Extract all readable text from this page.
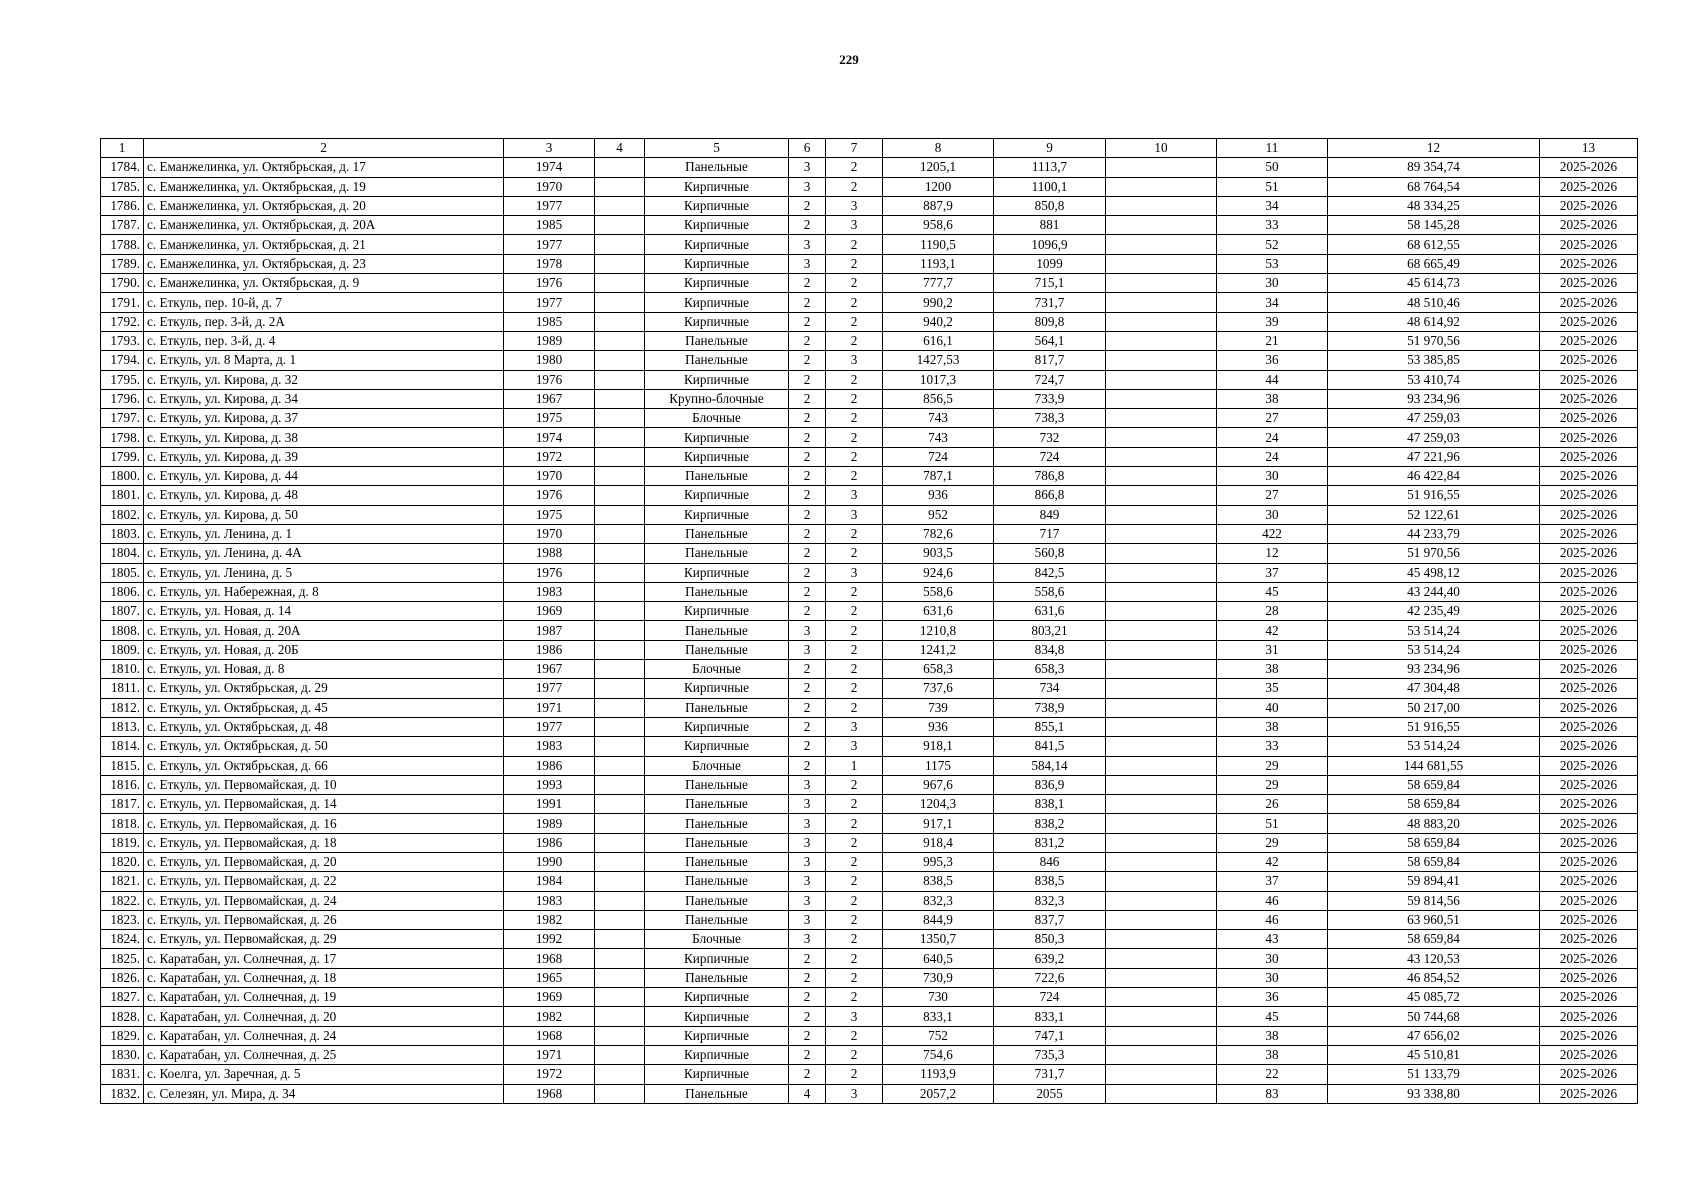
229
1	2	3	4	5	6	7	8	9	10	11	12	13
1784.	с. Еманжелинка, ул. Октябрьская, д. 17	1974		Панельные	3	2	1205,1	1113,7		50	89 354,74	2025-2026
1785.	с. Еманжелинка, ул. Октябрьская, д. 19	1970		Кирпичные	3	2	1200	1100,1		51	68 764,54	2025-2026
1786.	с. Еманжелинка, ул. Октябрьская, д. 20	1977		Кирпичные	2	3	887,9	850,8		34	48 334,25	2025-2026
1787.	с. Еманжелинка, ул. Октябрьская, д. 20А	1985		Кирпичные	2	3	958,6	881		33	58 145,28	2025-2026
1788.	с. Еманжелинка, ул. Октябрьская, д. 21	1977		Кирпичные	3	2	1190,5	1096,9		52	68 612,55	2025-2026
1789.	с. Еманжелинка, ул. Октябрьская, д. 23	1978		Кирпичные	3	2	1193,1	1099		53	68 665,49	2025-2026
1790.	с. Еманжелинка, ул. Октябрьская, д. 9	1976		Кирпичные	2	2	777,7	715,1		30	45 614,73	2025-2026
1791.	с. Еткуль, пер. 10-й, д. 7	1977		Кирпичные	2	2	990,2	731,7		34	48 510,46	2025-2026
1792.	с. Еткуль, пер. 3-й, д. 2А	1985		Кирпичные	2	2	940,2	809,8		39	48 614,92	2025-2026
1793.	с. Еткуль, пер. 3-й, д. 4	1989		Панельные	2	2	616,1	564,1		21	51 970,56	2025-2026
1794.	с. Еткуль, ул. 8 Марта, д. 1	1980		Панельные	2	3	1427,53	817,7		36	53 385,85	2025-2026
1795.	с. Еткуль, ул. Кирова, д. 32	1976		Кирпичные	2	2	1017,3	724,7		44	53 410,74	2025-2026
1796.	с. Еткуль, ул. Кирова, д. 34	1967		Крупно-блочные	2	2	856,5	733,9		38	93 234,96	2025-2026
1797.	с. Еткуль, ул. Кирова, д. 37	1975		Блочные	2	2	743	738,3		27	47 259,03	2025-2026
1798.	с. Еткуль, ул. Кирова, д. 38	1974		Кирпичные	2	2	743	732		24	47 259,03	2025-2026
1799.	с. Еткуль, ул. Кирова, д. 39	1972		Кирпичные	2	2	724	724		24	47 221,96	2025-2026
1800.	с. Еткуль, ул. Кирова, д. 44	1970		Панельные	2	2	787,1	786,8		30	46 422,84	2025-2026
1801.	с. Еткуль, ул. Кирова, д. 48	1976		Кирпичные	2	3	936	866,8		27	51 916,55	2025-2026
1802.	с. Еткуль, ул. Кирова, д. 50	1975		Кирпичные	2	3	952	849		30	52 122,61	2025-2026
1803.	с. Еткуль, ул. Ленина, д. 1	1970		Панельные	2	2	782,6	717		422	44 233,79	2025-2026
1804.	с. Еткуль, ул. Ленина, д. 4А	1988		Панельные	2	2	903,5	560,8		12	51 970,56	2025-2026
1805.	с. Еткуль, ул. Ленина, д. 5	1976		Кирпичные	2	3	924,6	842,5		37	45 498,12	2025-2026
1806.	с. Еткуль, ул. Набережная, д. 8	1983		Панельные	2	2	558,6	558,6		45	43 244,40	2025-2026
1807.	с. Еткуль, ул. Новая, д. 14	1969		Кирпичные	2	2	631,6	631,6		28	42 235,49	2025-2026
1808.	с. Еткуль, ул. Новая, д. 20А	1987		Панельные	3	2	1210,8	803,21		42	53 514,24	2025-2026
1809.	с. Еткуль, ул. Новая, д. 20Б	1986		Панельные	3	2	1241,2	834,8		31	53 514,24	2025-2026
1810.	с. Еткуль, ул. Новая, д. 8	1967		Блочные	2	2	658,3	658,3		38	93 234,96	2025-2026
1811.	с. Еткуль, ул. Октябрьская, д. 29	1977		Кирпичные	2	2	737,6	734		35	47 304,48	2025-2026
1812.	с. Еткуль, ул. Октябрьская, д. 45	1971		Панельные	2	2	739	738,9		40	50 217,00	2025-2026
1813.	с. Еткуль, ул. Октябрьская, д. 48	1977		Кирпичные	2	3	936	855,1		38	51 916,55	2025-2026
1814.	с. Еткуль, ул. Октябрьская, д. 50	1983		Кирпичные	2	3	918,1	841,5		33	53 514,24	2025-2026
1815.	с. Еткуль, ул. Октябрьская, д. 66	1986		Блочные	2	1	1175	584,14		29	144 681,55	2025-2026
1816.	с. Еткуль, ул. Первомайская, д. 10	1993		Панельные	3	2	967,6	836,9		29	58 659,84	2025-2026
1817.	с. Еткуль, ул. Первомайская, д. 14	1991		Панельные	3	2	1204,3	838,1		26	58 659,84	2025-2026
1818.	с. Еткуль, ул. Первомайская, д. 16	1989		Панельные	3	2	917,1	838,2		51	48 883,20	2025-2026
1819.	с. Еткуль, ул. Первомайская, д. 18	1986		Панельные	3	2	918,4	831,2		29	58 659,84	2025-2026
1820.	с. Еткуль, ул. Первомайская, д. 20	1990		Панельные	3	2	995,3	846		42	58 659,84	2025-2026
1821.	с. Еткуль, ул. Первомайская, д. 22	1984		Панельные	3	2	838,5	838,5		37	59 894,41	2025-2026
1822.	с. Еткуль, ул. Первомайская, д. 24	1983		Панельные	3	2	832,3	832,3		46	59 814,56	2025-2026
1823.	с. Еткуль, ул. Первомайская, д. 26	1982		Панельные	3	2	844,9	837,7		46	63 960,51	2025-2026
1824.	с. Еткуль, ул. Первомайская, д. 29	1992		Блочные	3	2	1350,7	850,3		43	58 659,84	2025-2026
1825.	с. Каратабан, ул. Солнечная, д. 17	1968		Кирпичные	2	2	640,5	639,2		30	43 120,53	2025-2026
1826.	с. Каратабан, ул. Солнечная, д. 18	1965		Панельные	2	2	730,9	722,6		30	46 854,52	2025-2026
1827.	с. Каратабан, ул. Солнечная, д. 19	1969		Кирпичные	2	2	730	724		36	45 085,72	2025-2026
1828.	с. Каратабан, ул. Солнечная, д. 20	1982		Кирпичные	2	3	833,1	833,1		45	50 744,68	2025-2026
1829.	с. Каратабан, ул. Солнечная, д. 24	1968		Кирпичные	2	2	752	747,1		38	47 656,02	2025-2026
1830.	с. Каратабан, ул. Солнечная, д. 25	1971		Кирпичные	2	2	754,6	735,3		38	45 510,81	2025-2026
1831.	с. Коелга, ул. Заречная, д. 5	1972		Кирпичные	2	2	1193,9	731,7		22	51 133,79	2025-2026
1832.	с. Селезян, ул. Мира, д. 34	1968		Панельные	4	3	2057,2	2055		83	93 338,80	2025-2026
